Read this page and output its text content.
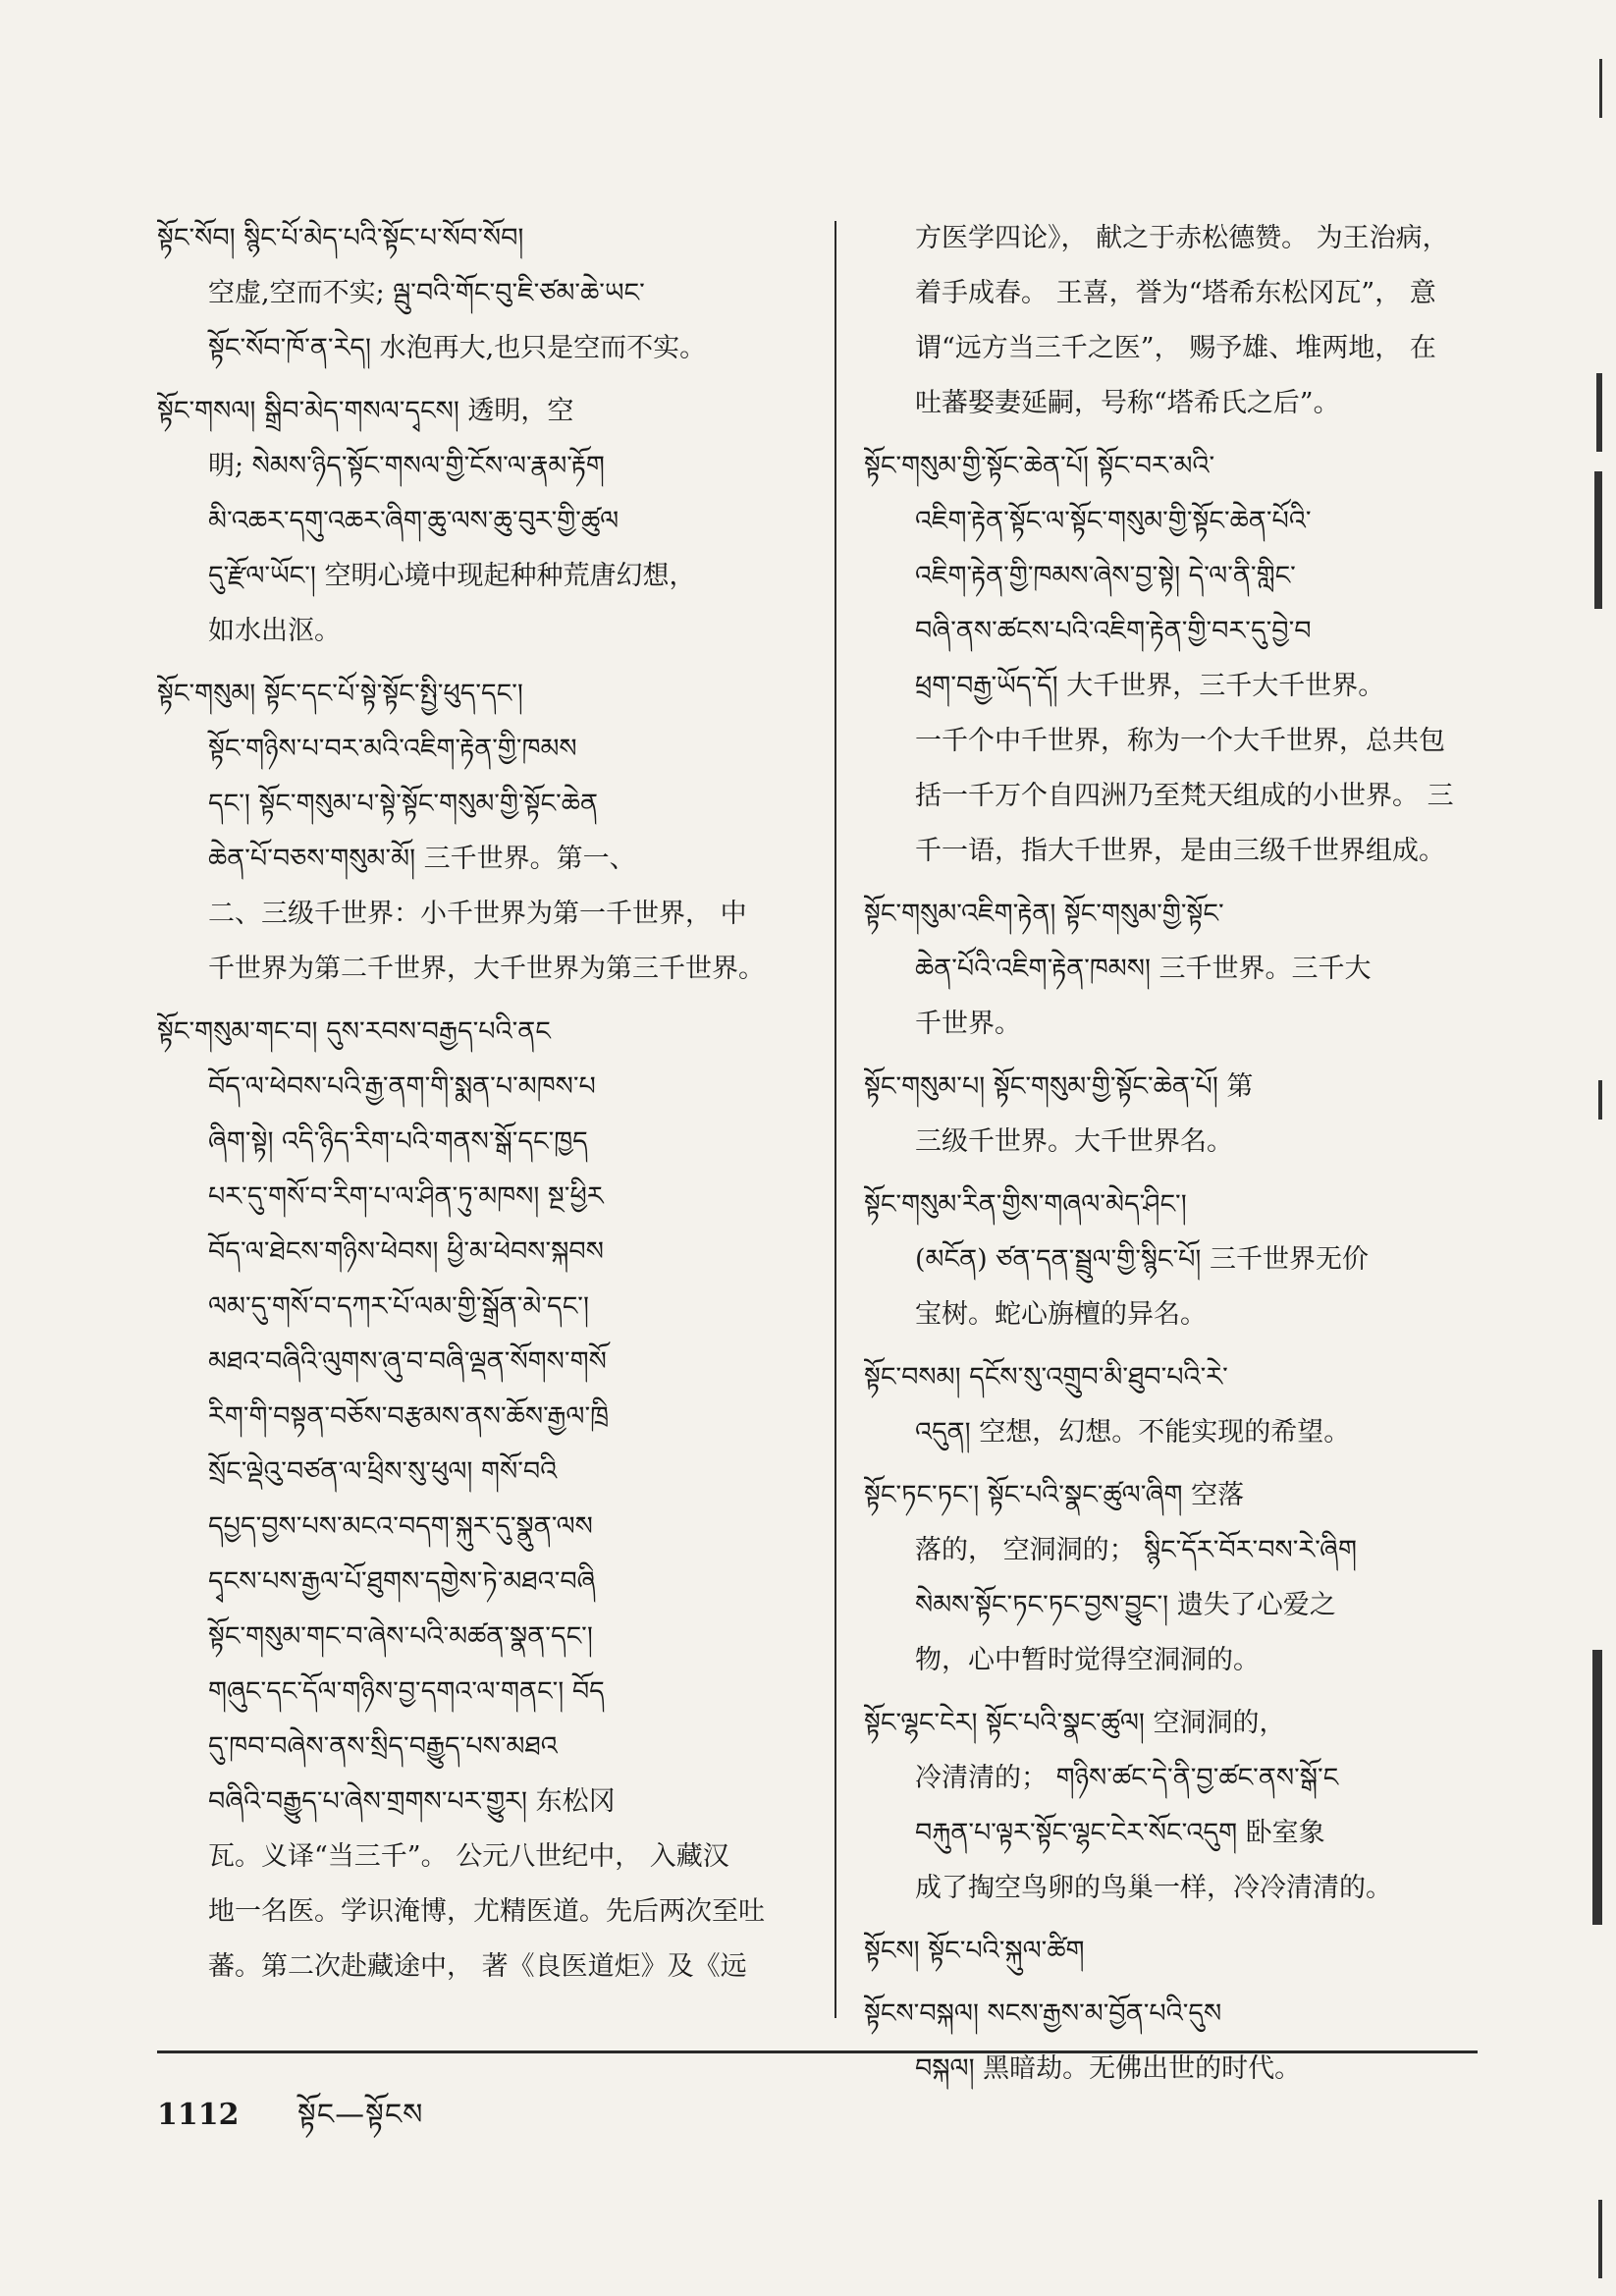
སྟོང་སོབ། སྙིང་པོ་མེད་པའི་སྟོང་པ་སོབ་སོབ།

空虚,空而不实; ལྦུ་བའི་གོང་བུ་ཇི་ཙམ་ཆེ་ཡང་

སྟོང་སོབ་ཁོ་ན་རེད། 水泡再大,也只是空而不实。

སྟོང་གསལ། སྒྲིབ་མེད་གསལ་དྭངས། 透明，空

明; སེམས་ཉིད་སྟོང་གསལ་གྱི་ངོས་ལ་རྣམ་རྟོག

མི་འཆར་དགུ་འཆར་ཞིག་ཆུ་ལས་ཆུ་བུར་གྱི་ཚུལ

དུ་རྫོལ་ཡོང་། 空明心境中现起种种荒唐幻想，

如水出沤。

སྟོང་གསུམ། སྟོང་དང་པོ་སྟེ་སྟོང་སྤྱི་ཕུད་དང་།

སྟོང་གཉིས་པ་བར་མའི་འཇིག་རྟེན་གྱི་ཁམས

དང་། སྟོང་གསུམ་པ་སྟེ་སྟོང་གསུམ་གྱི་སྟོང་ཆེན

ཆེན་པོ་བཅས་གསུམ་མོ། 三千世界。第一、

二、三级千世界：小千世界为第一千世界， 中

千世界为第二千世界，大千世界为第三千世界。

སྟོང་གསུམ་གང་བ། དུས་རབས་བརྒྱད་པའི་ནང

བོད་ལ་ཕེབས་པའི་རྒྱ་ནག་གི་སྨན་པ་མཁས་པ

ཞིག་སྟེ། འདི་ཉིད་རིག་པའི་གནས་སྒོ་དང་ཁྱད

པར་དུ་གསོ་བ་རིག་པ་ལ་ཤིན་ཏུ་མཁས། སྔ་ཕྱིར

བོད་ལ་ཐེངས་གཉིས་ཕེབས། ཕྱི་མ་ཕེབས་སྐབས

ལམ་དུ་གསོ་བ་དཀར་པོ་ལམ་གྱི་སྒྲོན་མེ་དང་།

མཐའ་བཞིའི་ལུགས་ཞུ་བ་བཞི་ལྡན་སོགས་གསོ

རིག་གི་བསྟན་བཅོས་བརྩམས་ནས་ཆོས་རྒྱལ་ཁྲི

སྲོང་ལྡེའུ་བཙན་ལ་ཕྲིས་སུ་ཕུལ། གསོ་བའི

དཔྱད་བྱས་པས་མངའ་བདག་སྐུར་དུ་སྣུན་ལས

དྭངས་པས་རྒྱལ་པོ་ཐུགས་དགྱེས་ཏེ་མཐའ་བཞི

སྟོང་གསུམ་གང་བ་ཞེས་པའི་མཚན་སྣན་དང་།

གཞུང་དང་དོལ་གཉིས་བྱ་དགའ་ལ་གནང་། བོད

དུ་ཁབ་བཞེས་ནས་སྲིད་བརྒྱུད་པས་མཐའ

བཞིའི་བརྒྱུད་པ་ཞེས་གྲགས་པར་གྱུར། 东松冈

瓦。义译“当三千”。 公元八世纪中， 入藏汉

地一名医。学识淹博，尤精医道。先后两次至吐

蕃。第二次赴藏途中， 著《良医道炬》及《远

方医学四论》， 献之于赤松德赞。 为王治病，

着手成春。 王喜，誉为“塔希东松冈瓦”， 意

谓“远方当三千之医”， 赐予雄、堆两地， 在

吐蕃娶妻延嗣，号称“塔希氏之后”。

སྟོང་གསུམ་གྱི་སྟོང་ཆེན་པོ། སྟོང་བར་མའི་

འཇིག་རྟེན་སྟོང་ལ་སྟོང་གསུམ་གྱི་སྟོང་ཆེན་པོའི་

འཇིག་རྟེན་གྱི་ཁམས་ཞེས་བྱ་སྟེ། དེ་ལ་ནི་གླིང་

བཞི་ནས་ཚངས་པའི་འཇིག་རྟེན་གྱི་བར་དུ་བྱེ་བ

ཕྲག་བརྒྱ་ཡོད་དོ། 大千世界，三千大千世界。

一千个中千世界，称为一个大千世界，总共包

括一千万个自四洲乃至梵天组成的小世界。 三

千一语，指大千世界，是由三级千世界组成。

སྟོང་གསུམ་འཇིག་རྟེན། སྟོང་གསུམ་གྱི་སྟོང་

ཆེན་པོའི་འཇིག་རྟེན་ཁམས། 三千世界。三千大

千世界。

སྟོང་གསུམ་པ། སྟོང་གསུམ་གྱི་སྟོང་ཆེན་པོ། 第

三级千世界。大千世界名。

སྟོང་གསུམ་རིན་གྱིས་གཞལ་མེད་ཤིང་།

(མངོན) ཙན་དན་སྦྲུལ་གྱི་སྙིང་པོ། 三千世界无价

宝树。蛇心旃檀的异名。

སྟོང་བསམ། དངོས་སུ་འགྲུབ་མི་ཐུབ་པའི་རེ་

འདུན། 空想，幻想。不能实现的希望。

སྟོང་ཏང་ཏང་། སྟོང་པའི་སྣང་ཚུལ་ཞིག 空落

落的， 空洞洞的； སྙིང་དོར་བོར་བས་རེ་ཞིག

སེམས་སྟོང་ཏང་ཏང་བྱས་བྱུང་། 遗失了心爱之

物，心中暂时觉得空洞洞的。

སྟོང་ལྷང་ངེར། སྟོང་པའི་སྣང་ཚུལ། 空洞洞的，

冷清清的； གཉིས་ཚང་དེ་ནི་བྱ་ཚང་ནས་སྒོ་ང

བརྐུན་པ་ལྟར་སྟོང་ལྷང་ངེར་སོང་འདུག 卧室象

成了掏空鸟卵的鸟巢一样，冷冷清清的。

སྟོངས། སྟོང་པའི་སྐུལ་ཚིག

སྟོངས་བསྐལ། སངས་རྒྱས་མ་བྱོན་པའི་དུས

བསྐལ། 黑暗劫。无佛出世的时代。

1112 སྟོང—སྟོངས
